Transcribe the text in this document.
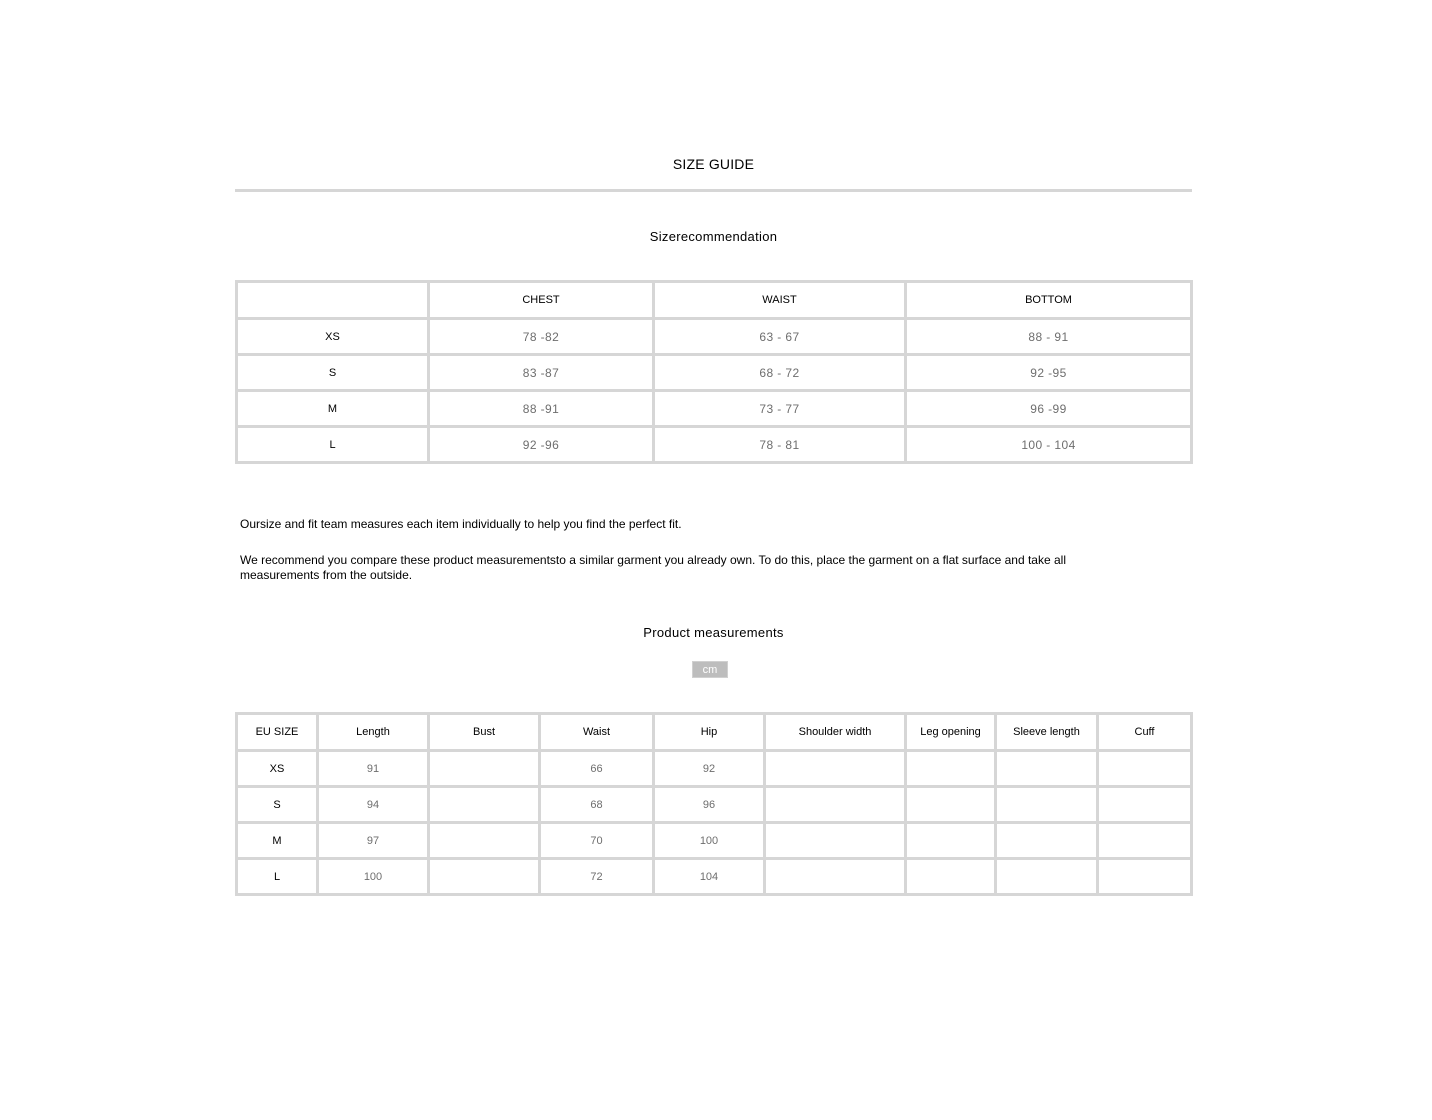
SIZE GUIDE
Sizerecommendation
	CHEST	WAIST	BOTTOM
XS	78 -82	63 - 67	88 - 91
S	83 -87	68 - 72	92 -95
M	88 -91	73 - 77	96 -99
L	92 -96	78 - 81	100 - 104
Oursize and fit team measures each item individually to help you find the perfect fit.
We recommend you compare these product measurementsto a similar garment you already own. To do this, place the garment on a flat surface and take all
measurements from the outside.
Product measurements
cm
EU SIZE	Length	Bust	Waist	Hip	Shoulder width	Leg opening	Sleeve length	Cuff
XS	91		66	92				
S	94		68	96				
M	97		70	100				
L	100		72	104				
